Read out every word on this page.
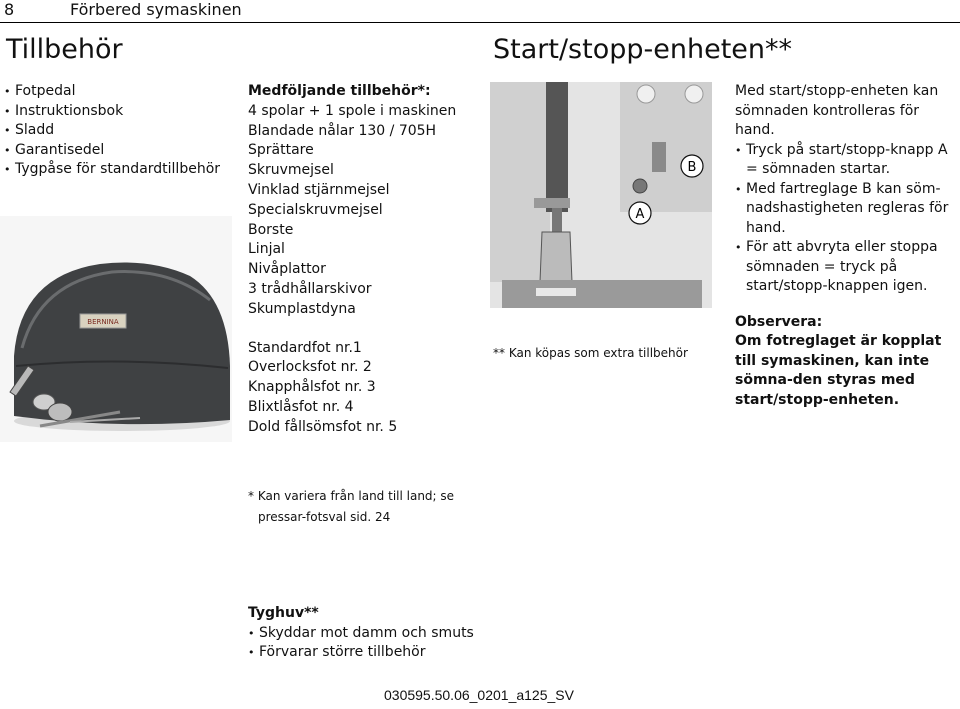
8	Förbered symaskinen
Tillbehör	Start/stopp-enheten**
• Fotpedal
• Instruktionsbok
• Sladd
• Garantisedel
• Tygpåse för standardtillbehör
BERNINA
Medföljande tillbehör*:
4 spolar + 1 spole i maskinen
Blandade nålar 130 / 705H
Sprättare
Skruvmejsel
Vinklad stjärnmejsel
Specialskruvmejsel
Borste
Linjal
Nivåplattor
3 trådhållarskivor
Skumplastdyna
Standardfot nr.1
Overlocksfot nr. 2
Knapphålsfot nr. 3
Blixtlåsfot nr. 4
Dold fållsömsfot nr. 5
A
B
** Kan köpas som extra tillbehör

Med start/stopp-enheten kan sömnaden kontrolleras för hand.

• Tryck på start/stopp-knapp A = sömnaden startar.
• Med fartreglage B kan söm-nadshastigheten regleras för hand.
• För att abvryta eller stoppa sömnaden = tryck på start/stopp-knappen igen.

Observera:

Om fotreglaget är kopplat till symaskinen, kan inte sömna-den styras med start/stopp-enheten.

* Kan variera från land till land; se
pressar-fotsval sid. 24
Tyghuv**
• Skyddar mot damm och smuts
• Förvarar större tillbehör
030595.50.06_0201_a125_SV
